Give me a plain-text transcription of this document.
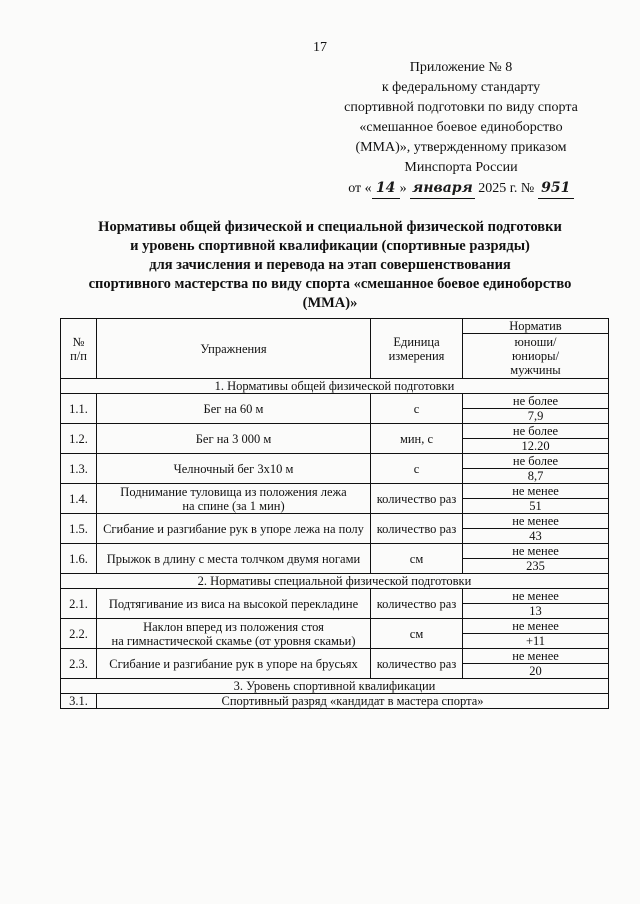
17
Приложение № 8
к федеральному стандарту
спортивной подготовки по виду спорта
«смешанное боевое единоборство
(ММА)», утвержденному приказом
Минспорта России
от « 14 » января 2025 г. № 951
Нормативы общей физической и специальной физической подготовки
и уровень спортивной квалификации (спортивные разряды)
для зачисления и перевода на этап совершенствования
спортивного мастерства по виду спорта «смешанное боевое единоборство
(ММА)»
№
п/п	Упражнения	Единица
измерения	Норматив
			юноши/
юниоры/
мужчины
1. Нормативы общей физической подготовки			
1.1.	Бег на 60 м	с	не более
			7,9
1.2.	Бег на 3 000 м	мин, с	не более
			12.20
1.3.	Челночный бег 3х10 м	с	не более
			8,7
1.4.	Поднимание туловища из положения лежа
на спине (за 1 мин)	количество раз	не менее
			51
1.5.	Сгибание и разгибание рук в упоре лежа на полу	количество раз	не менее
			43
1.6.	Прыжок в длину с места толчком двумя ногами	см	не менее
			235
2. Нормативы специальной физической подготовки			
2.1.	Подтягивание из виса на высокой перекладине	количество раз	не менее
			13
2.2.	Наклон вперед из положения стоя
на гимнастической скамье (от уровня скамьи)	см	не менее
			+11
2.3.	Сгибание и разгибание рук в упоре на брусьях	количество раз	не менее
			20
3. Уровень спортивной квалификации			
3.1.	Спортивный разряд «кандидат в мастера спорта»		
